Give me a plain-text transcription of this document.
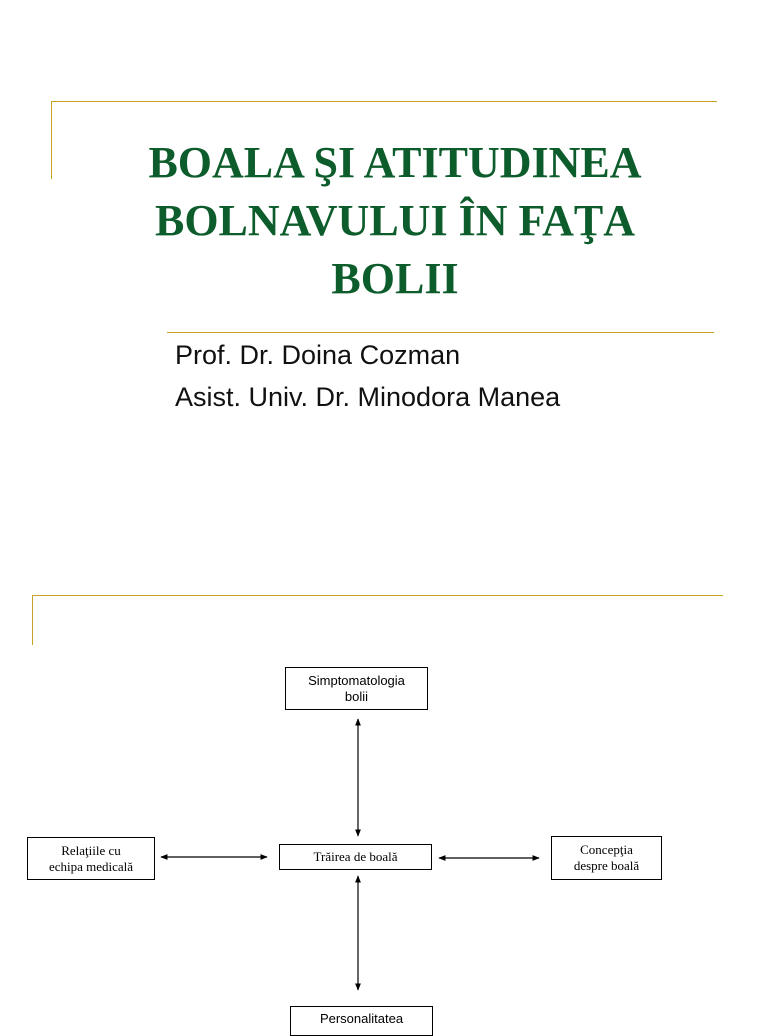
BOALA ŞI ATITUDINEA
BOLNAVULUI ÎN FAŢA
BOLII
Prof. Dr. Doina Cozman
Asist. Univ. Dr. Minodora Manea
Simptomatologia
bolii
Trăirea de boală
Relaţiile cu
echipa medicală
Concepţia
despre boală
Personalitatea
